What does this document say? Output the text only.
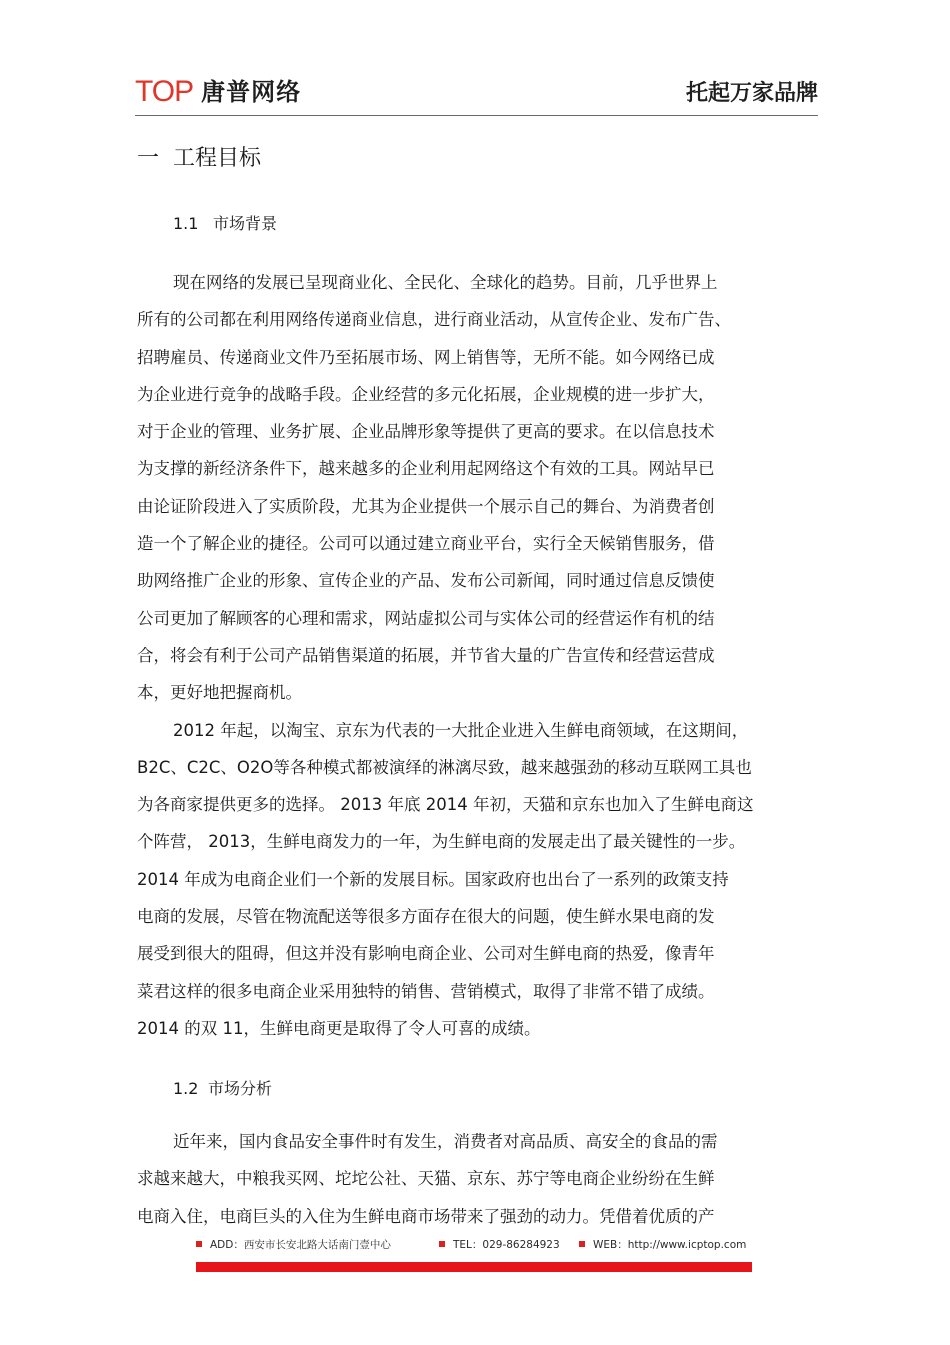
TOP 唐普网络	托起万家品牌
一 工程目标
1.1 市场背景
现在网络的发展已呈现商业化、全民化、全球化的趋势。目前，几乎世界上
所有的公司都在利用网络传递商业信息，进行商业活动，从宣传企业、发布广告、
招聘雇员、传递商业文件乃至拓展市场、网上销售等，无所不能。如今网络已成
为企业进行竞争的战略手段。企业经营的多元化拓展，企业规模的进一步扩大，
对于企业的管理、业务扩展、企业品牌形象等提供了更高的要求。在以信息技术
为支撑的新经济条件下，越来越多的企业利用起网络这个有效的工具。网站早已
由论证阶段进入了实质阶段，尤其为企业提供一个展示自己的舞台、为消费者创
造一个了解企业的捷径。公司可以通过建立商业平台，实行全天候销售服务，借
助网络推广企业的形象、宣传企业的产品、发布公司新闻，同时通过信息反馈使
公司更加了解顾客的心理和需求，网站虚拟公司与实体公司的经营运作有机的结
合，将会有利于公司产品销售渠道的拓展，并节省大量的广告宣传和经营运营成
本，更好地把握商机。
2012 年起，以淘宝、京东为代表的一大批企业进入生鲜电商领域，在这期间，
B2C、C2C、O2O等各种模式都被演绎的淋漓尽致，越来越强劲的移动互联网工具也
为各商家提供更多的选择。 2013 年底 2014 年初，天猫和京东也加入了生鲜电商这
个阵营， 2013，生鲜电商发力的一年，为生鲜电商的发展走出了最关键性的一步。
2014 年成为电商企业们一个新的发展目标。国家政府也出台了一系列的政策支持
电商的发展，尽管在物流配送等很多方面存在很大的问题，使生鲜水果电商的发
展受到很大的阻碍，但这并没有影响电商企业、公司对生鲜电商的热爱，像青年
菜君这样的很多电商企业采用独特的销售、营销模式，取得了非常不错了成绩。
2014 的双 11，生鲜电商更是取得了令人可喜的成绩。
1.2 市场分析
近年来，国内食品安全事件时有发生，消费者对高品质、高安全的食品的需
求越来越大，中粮我买网、坨坨公社、天猫、京东、苏宁等电商企业纷纷在生鲜
电商入住，电商巨头的入住为生鲜电商市场带来了强劲的动力。凭借着优质的产
ADD：西安市长安北路大话南门壹中心	TEL：029-86284923	WEB：http://www.icptop.com
